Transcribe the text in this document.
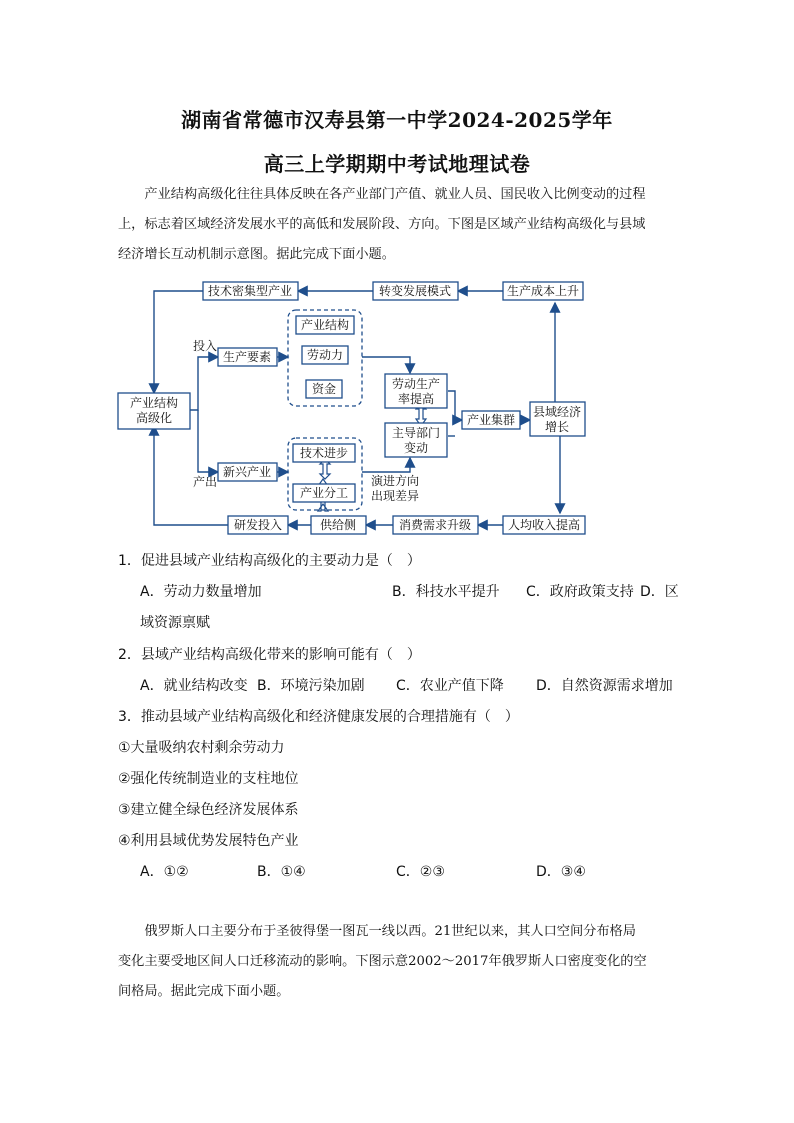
湖南省常德市汉寿县第一中学2024-2025学年
高三上学期期中考试地理试卷
产业结构高级化往往具体反映在各产业部门产值、就业人员、国民收入比例变动的过程
上，标志着区域经济发展水平的高低和发展阶段、方向。下图是区域产业结构高级化与县域
经济增长互动机制示意图。据此完成下面小题。
技术密集型产业	转变发展模式	生产成本上升
产业结构
高级化
投入
产出
生产要素
产业结构
劳动力
资金	劳动生产
率提高
主导部门
变动
产业集群
县域经济
增长
新兴产业
技术进步
产业分工
演进方向
出现差异
研发投入	供给侧	消费需求升级	人均收入提高
1．促进县域产业结构高级化的主要动力是（　）
A．劳动力数量增加	B．科技水平提升 C．政府政策支持 D．区
域资源禀赋
2．县域产业结构高级化带来的影响可能有（　）
A．就业结构改变 B．环境污染加剧 C．农业产值下降 D．自然资源需求增加
3．推动县域产业结构高级化和经济健康发展的合理措施有（　）
①大量吸纳农村剩余劳动力
②强化传统制造业的支柱地位
③建立健全绿色经济发展体系
④利用县域优势发展特色产业
A．①②	B．①④	C．②③	D．③④
俄罗斯人口主要分布于圣彼得堡一图瓦一线以西。21世纪以来，其人口空间分布格局
变化主要受地区间人口迁移流动的影响。下图示意2002～2017年俄罗斯人口密度变化的空
间格局。据此完成下面小题。
